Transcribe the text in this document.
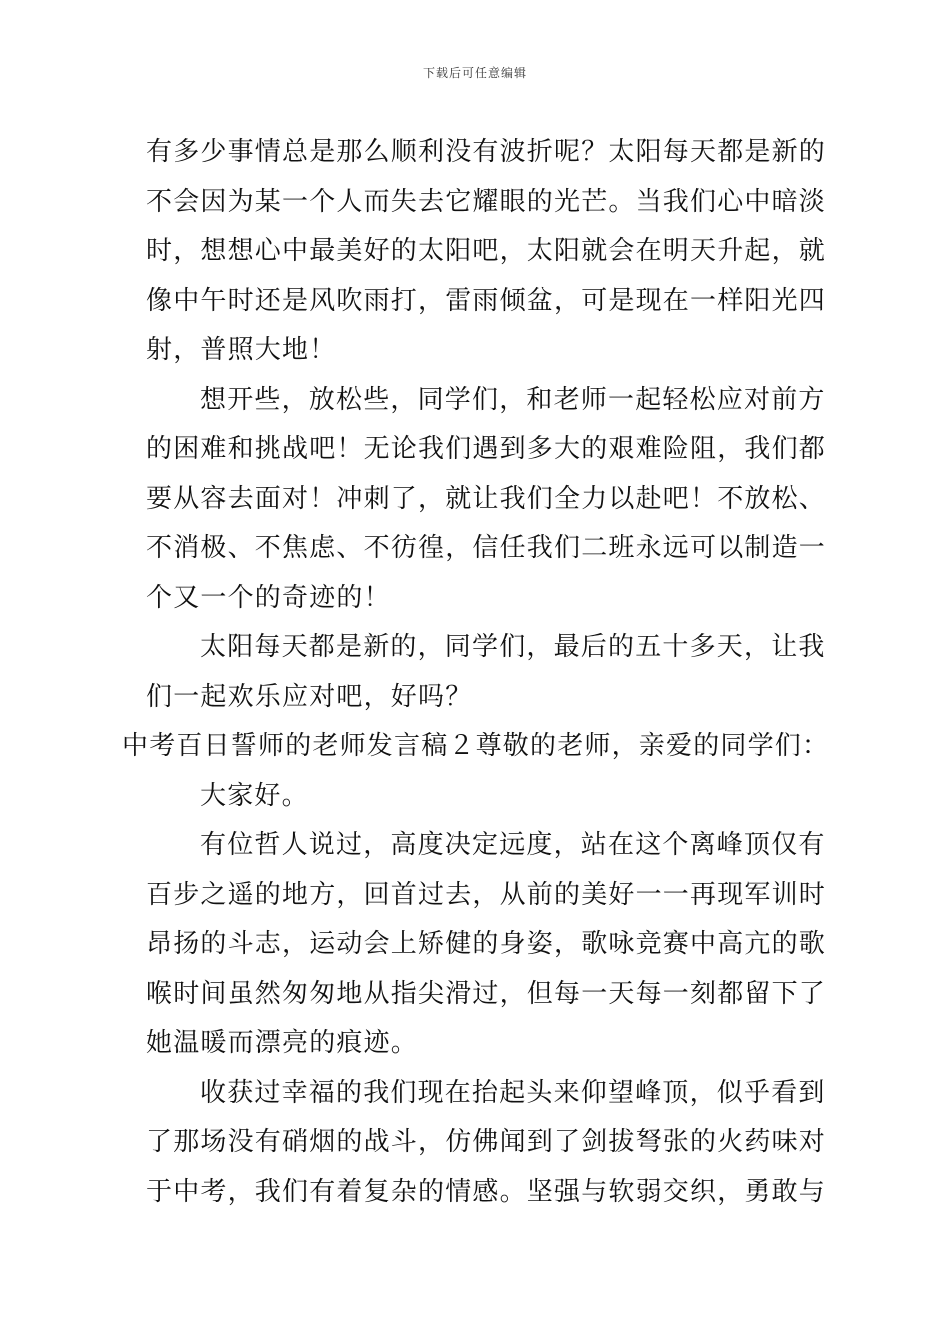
下载后可任意编辑
有多少事情总是那么顺利没有波折呢？太阳每天都是新的
不会因为某一个人而失去它耀眼的光芒。当我们心中暗淡
时，想想心中最美好的太阳吧，太阳就会在明天升起，就
像中午时还是风吹雨打，雷雨倾盆，可是现在一样阳光四
射，普照大地！
想开些，放松些，同学们，和老师一起轻松应对前方
的困难和挑战吧！无论我们遇到多大的艰难险阻，我们都
要从容去面对！冲刺了，就让我们全力以赴吧！不放松、
不消极、不焦虑、不彷徨，信任我们二班永远可以制造一
个又一个的奇迹的！
太阳每天都是新的，同学们，最后的五十多天，让我
们一起欢乐应对吧，好吗？
中考百日誓师的老师发言稿２尊敬的老师，亲爱的同学们：
大家好。
有位哲人说过，高度决定远度，站在这个离峰顶仅有
百步之遥的地方，回首过去，从前的美好一一再现军训时
昂扬的斗志，运动会上矫健的身姿，歌咏竞赛中高亢的歌
喉时间虽然匆匆地从指尖滑过，但每一天每一刻都留下了
她温暖而漂亮的痕迹。
收获过幸福的我们现在抬起头来仰望峰顶，似乎看到
了那场没有硝烟的战斗，仿佛闻到了剑拔弩张的火药味对
于中考，我们有着复杂的情感。坚强与软弱交织，勇敢与
